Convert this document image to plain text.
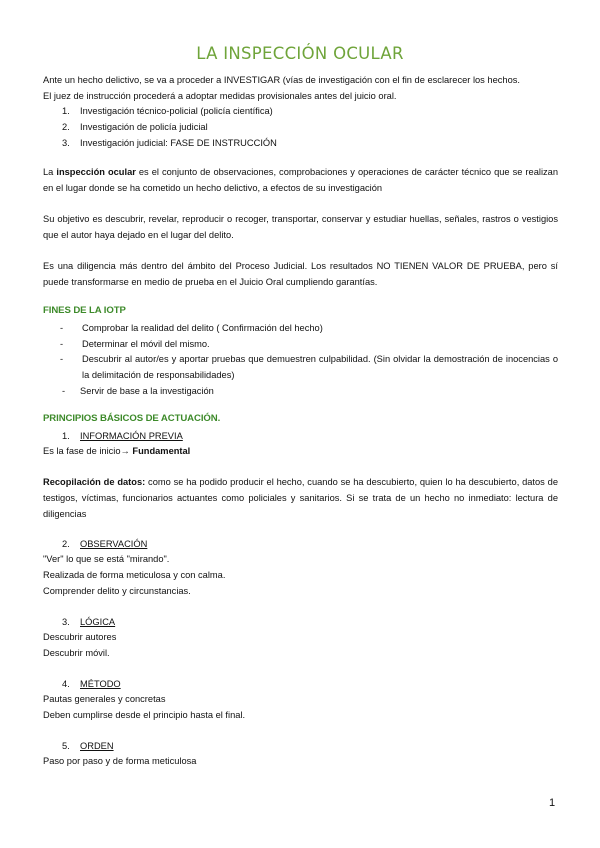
LA INSPECCIÓN OCULAR
Ante un hecho delictivo, se va a proceder a INVESTIGAR (vías de investigación con el fin de esclarecer los hechos.
El juez de instrucción procederá a adoptar medidas provisionales antes del juicio oral.
1.	Investigación técnico-policial (policía científica)
2.	Investigación de policía judicial
3.	Investigación judicial: FASE DE INSTRUCCIÓN

La inspección ocular es el conjunto de observaciones, comprobaciones y operaciones de carácter técnico que se realizan en el lugar donde se ha cometido un hecho delictivo, a efectos de su investigación

Su objetivo es descubrir, revelar, reproducir o recoger, transportar, conservar y estudiar huellas, señales, rastros o vestigios que el autor haya dejado en el lugar del delito.

Es una diligencia más dentro del ámbito del Proceso Judicial. Los resultados NO TIENEN VALOR DE PRUEBA, pero sí puede transformarse en medio de prueba en el Juicio Oral cumpliendo garantías.

FINES DE LA IOTP
- Comprobar la realidad del delito ( Confirmación del hecho)
- Determinar el móvil del mismo.
- Descubrir al autor/es y aportar pruebas que demuestren culpabilidad. (Sin olvidar la demostración de inocencias o la delimitación de responsabilidades)
- Servir de base a la investigación
PRINCIPIOS BÁSICOS DE ACTUACIÓN.
1. INFORMACIÓN PREVIA
Es la fase de inicio→ Fundamental

Recopilación de datos: como se ha podido producir el hecho, cuando se ha descubierto, quien lo ha descubierto, datos de testigos, víctimas, funcionarios actuantes como policiales y sanitarios. Si se trata de un hecho no inmediato: lectura de diligencias

2. OBSERVACIÓN
"Ver" lo que se está "mirando".
Realizada de forma meticulosa y con calma.
Comprender delito y circunstancias.
3. LÓGICA
Descubrir autores
Descubrir móvil.
4. MÉTODO
Pautas generales y concretas
Deben cumplirse desde el principio hasta el final.
5. ORDEN
Paso por paso y de forma meticulosa
1
